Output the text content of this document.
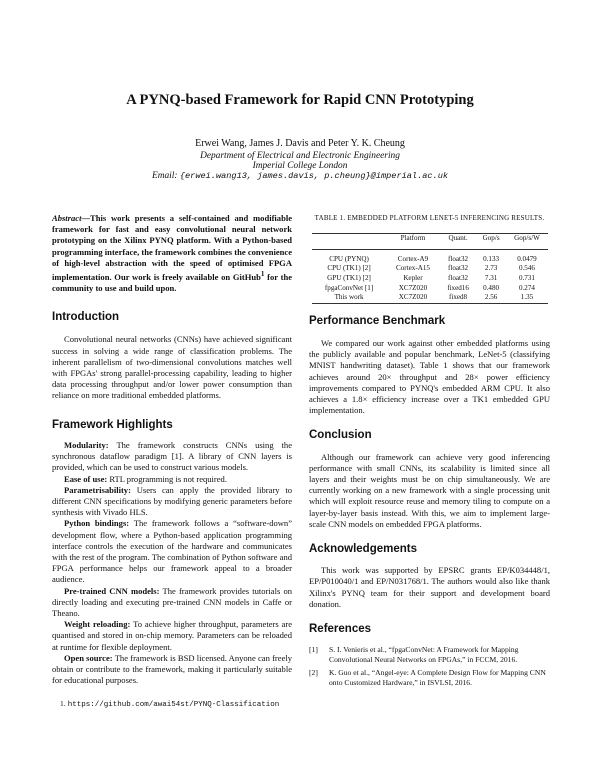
A PYNQ-based Framework for Rapid CNN Prototyping
Erwei Wang, James J. Davis and Peter Y. K. Cheung
Department of Electrical and Electronic Engineering
Imperial College London
Email: {erwei.wang13, james.davis, p.cheung}@imperial.ac.uk

Abstract—This work presents a self-contained and modifiable framework for fast and easy convolutional neural network prototyping on the Xilinx PYNQ platform. With a Python-based programming interface, the framework combines the convenience of high-level abstraction with the speed of optimised FPGA implementation. Our work is freely available on GitHub$^1$ for the community to use and build upon.

Introduction

Convolutional neural networks (CNNs) have achieved significant success in solving a wide range of classification problems. The inherent parallelism of two-dimensional convolutions matches well with FPGAs' strong parallel-processing capability, leading to higher data processing throughput and/or lower power consumption than reliance on more traditional embedded platforms.

Framework Highlights

Modularity: The framework constructs CNNs using the synchronous dataflow paradigm [1]. A library of CNN layers is provided, which can be used to construct various models.

Ease of use: RTL programming is not required.

Parametrisability: Users can apply the provided library to different CNN specifications by modifying generic parameters before synthesis with Vivado HLS.

Python bindings: The framework follows a “software-down” development flow, where a Python-based application programming interface controls the execution of the hardware and communicates with the rest of the program. The combination of Python software and FPGA performance helps our framework appeal to a broader audience.

Pre-trained CNN models: The framework provides tutorials on directly loading and executing pre-trained CNN models in Caffe or Theano.

Weight reloading: To achieve higher throughput, parameters are quantised and stored in on-chip memory. Parameters can be reloaded at runtime for flexible deployment.

Open source: The framework is BSD licensed. Anyone can freely obtain or contribute to the framework, making it particularly suitable for educational purposes.

1. https://github.com/awai54st/PYNQ-Classification
TABLE 1. EMBEDDED PLATFORM LENET-5 INFERENCING RESULTS.
	Platform	Quant.	Gop/s	Gop/s/W
CPU (PYNQ)	Cortex-A9	float32	0.133	0.0479
CPU (TK1) [2]	Cortex-A15	float32	2.73	0.546
GPU (TK1) [2]	Kepler	float32	7.31	0.731
fpgaConvNet [1]	XC7Z020	fixed16	0.480	0.274
This work	XC7Z020	fixed8	2.56	1.35
Performance Benchmark

We compared our work against other embedded platforms using the publicly available and popular benchmark, LeNet-5 (classifying MNIST handwriting dataset). Table 1 shows that our framework achieves around 20× throughput and 28× power efficiency improvements compared to PYNQ's embedded ARM CPU. It also achieves a 1.8× efficiency increase over a TK1 embedded GPU implementation.

Conclusion

Although our framework can achieve very good inferencing performance with small CNNs, its scalability is limited since all layers and their weights must be on chip simultaneously. We are currently working on a new framework with a single processing unit which will exploit resource reuse and memory tiling to compute on a layer-by-layer basis instead. With this, we aim to implement large-scale CNN models on embedded FPGA platforms.

Acknowledgements

This work was supported by EPSRC grants EP/K034448/1, EP/P010040/1 and EP/N031768/1. The authors would also like thank Xilinx's PYNQ team for their support and development board donation.

References
[1]	S. I. Venieris et al., “fpgaConvNet: A Framework for Mapping Convolutional Neural Networks on FPGAs,” in FCCM, 2016.
[2]	K. Guo et al., “Angel-eye: A Complete Design Flow for Mapping CNN onto Customized Hardware,” in ISVLSI, 2016.
